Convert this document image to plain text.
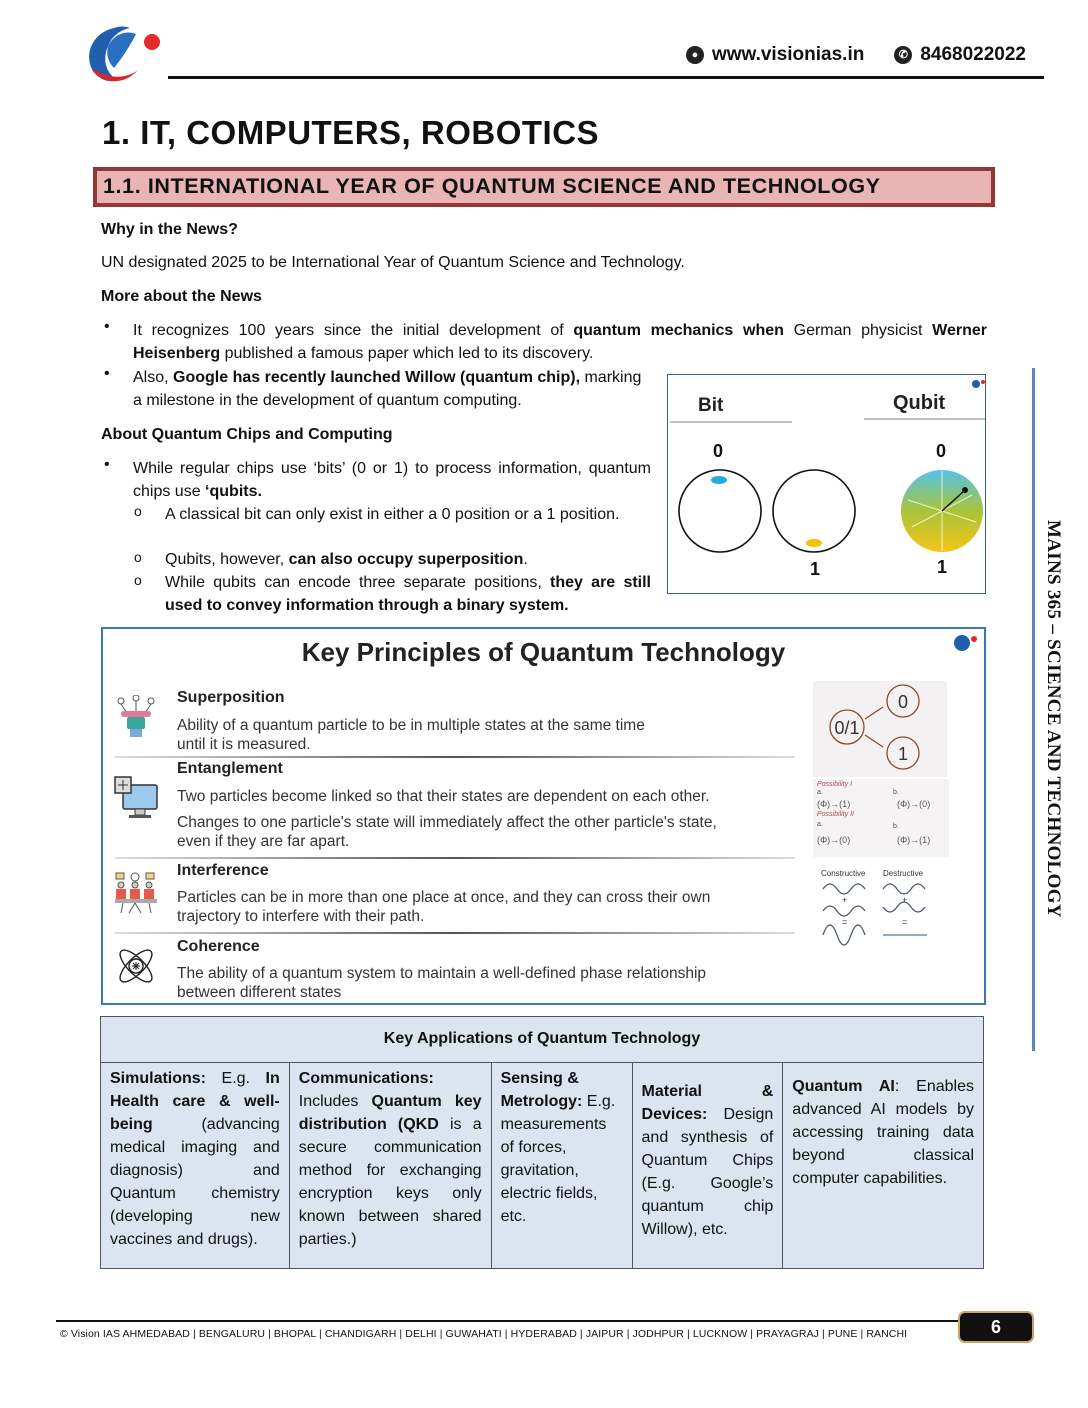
● www.visionias.in	✆ 8468022022
1. IT, COMPUTERS, ROBOTICS
1.1. INTERNATIONAL YEAR OF QUANTUM SCIENCE AND TECHNOLOGY
Why in the News?
UN designated 2025 to be International Year of Quantum Science and Technology.
More about the News
• It recognizes 100 years since the initial development of quantum mechanics when German physicist Werner Heisenberg published a famous paper which led to its discovery.
• Also, Google has recently launched Willow (quantum chip), marking a milestone in the development of quantum computing.
About Quantum Chips and Computing
• While regular chips use ‘bits’ (0 or 1) to process information, quantum chips use ‘qubits.
o A classical bit can only exist in either a 0 position or a 1 position.
o Qubits, however, can also occupy superposition.
o While qubits can encode three separate positions, they are still used to convey information through a binary system.
Bit	Qubit
0
1
0
1
Key Principles of Quantum Technology
Superposition
Ability of a quantum particle to be in multiple states at the same time
until it is measured.
Entanglement
Two particles become linked so that their states are dependent on each other.
Changes to one particle's state will immediately affect the other particle's state,
even if they are far apart.
Interference
Particles can be in more than one place at once, and they can cross their own
trajectory to interfere with their path.
Coherence
The ability of a quantum system to maintain a well-defined phase relationship
between different states
0/1
0
1
Possibility I
a.	b.
(Φ)→(1)	(Φ)→(0)
Possibility II
a.	b.
(Φ)→(0)	(Φ)→(1)
Constructive Destructive
+
=
+
=
Key Applications of Quantum Technology
Simulations: E.g. In Health care & well-being (advancing medical imaging and diagnosis) and Quantum chemistry (developing new vaccines and drugs).	Communications: Includes Quantum key distribution (QKD is a secure communication method for exchanging encryption keys only known between shared parties.)	Sensing & Metrology: E.g. measurements of forces, gravitation, electric fields, etc.	Material & Devices: Design and synthesis of Quantum Chips (E.g. Google’s quantum chip Willow), etc.	Quantum AI: Enables advanced AI models by accessing training data beyond classical computer capabilities.
MAINS 365 – SCIENCE AND TECHNOLOGY
© Vision IAS AHMEDABAD | BENGALURU | BHOPAL | CHANDIGARH | DELHI | GUWAHATI | HYDERABAD | JAIPUR | JODHPUR | LUCKNOW | PRAYAGRAJ | PUNE | RANCHI	6
